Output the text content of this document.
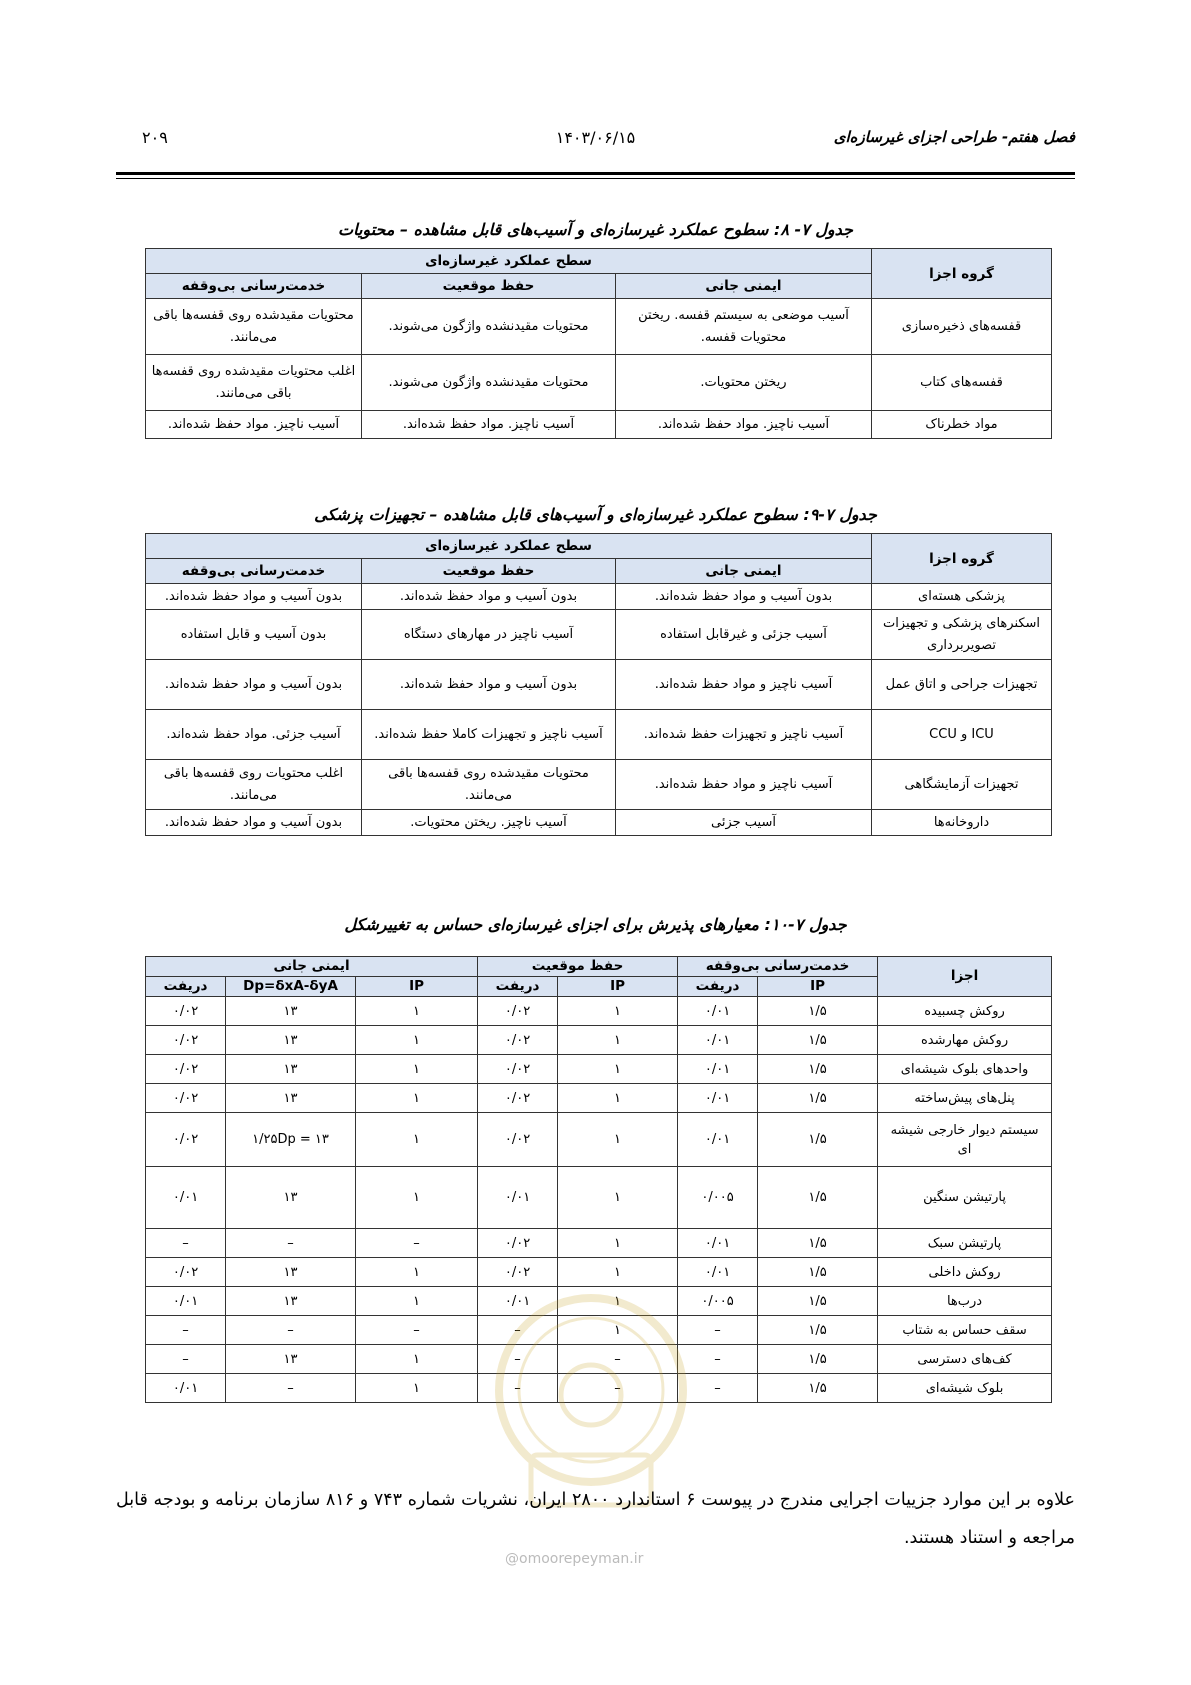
فصل هفتم- طراحی اجزای غیرسازه‌ای
۱۴۰۳/۰۶/۱۵
۲۰۹
جدول ۷- ۸: سطوح عملکرد غیرسازه‌ای و آسیب‌های قابل مشاهده – محتویات
گروه اجزا	سطح عملکرد غیرسازه‌ای		
	ایمنی جانی	حفظ موقعیت	خدمت‌رسانی بی‌وقفه
قفسه‌های ذخیره‌سازی	آسیب موضعی به سیستم قفسه. ریختن محتویات قفسه.	محتویات مقیدنشده واژگون می‌شوند.	محتویات مقیدشده روی قفسه‌ها باقی می‌مانند.
قفسه‌های کتاب	ریختن محتویات.	محتویات مقیدنشده واژگون می‌شوند.	اغلب محتویات مقیدشده روی قفسه‌ها باقی می‌مانند.
مواد خطرناک	آسیب ناچیز. مواد حفظ شده‌اند.	آسیب ناچیز. مواد حفظ شده‌اند.	آسیب ناچیز. مواد حفظ شده‌اند.
جدول ۷-۹: سطوح عملکرد غیرسازه‌ای و آسیب‌های قابل مشاهده – تجهیزات پزشکی
گروه اجزا	سطح عملکرد غیرسازه‌ای		
	ایمنی جانی	حفظ موقعیت	خدمت‌رسانی بی‌وقفه
پزشکی هسته‌ای	بدون آسیب و مواد حفظ شده‌اند.	بدون آسیب و مواد حفظ شده‌اند.	بدون آسیب و مواد حفظ شده‌اند.
اسکنرهای پزشکی و تجهیزات تصویربرداری	آسیب جزئی و غیرقابل استفاده	آسیب ناچیز در مهارهای دستگاه	بدون آسیب و قابل استفاده
تجهیزات جراحی و اتاق عمل	آسیب ناچیز و مواد حفظ شده‌اند.	بدون آسیب و مواد حفظ شده‌اند.	بدون آسیب و مواد حفظ شده‌اند.
ICU و CCU	آسیب ناچیز و تجهیزات حفظ شده‌اند.	آسیب ناچیز و تجهیزات کاملا حفظ شده‌اند.	آسیب جزئی. مواد حفظ شده‌اند.
تجهیزات آزمایشگاهی	آسیب ناچیز و مواد حفظ شده‌اند.	محتویات مقیدشده روی قفسه‌ها باقی می‌مانند.	اغلب محتویات روی قفسه‌ها باقی می‌مانند.
داروخانه‌ها	آسیب جزئی	آسیب ناچیز. ریختن محتویات.	بدون آسیب و مواد حفظ شده‌اند.
جدول ۷-۱۰: معیارهای پذیرش برای اجزای غیرسازه‌ای حساس به تغییرشکل
اجزا	خدمت‌رسانی بی‌وقفه		حفظ موقعیت		ایمنی جانی		
	IP	دریفت	IP	دریفت	IP	Dp=δxA-δyA	دریفت
روکش چسبیده	۱/۵	۰/۰۱	۱	۰/۰۲	۱	۱۳	۰/۰۲
روکش مهارشده	۱/۵	۰/۰۱	۱	۰/۰۲	۱	۱۳	۰/۰۲
واحدهای بلوک شیشه‌ای	۱/۵	۰/۰۱	۱	۰/۰۲	۱	۱۳	۰/۰۲
پنل‌های پیش‌ساخته	۱/۵	۰/۰۱	۱	۰/۰۲	۱	۱۳	۰/۰۲
سیستم دیوار خارجی شیشه ای	۱/۵	۰/۰۱	۱	۰/۰۲	۱	۱۳ = ۱/۲۵Dp	۰/۰۲
پارتیشن سنگین	۱/۵	۰/۰۰۵	۱	۰/۰۱	۱	۱۳	۰/۰۱
پارتیشن سبک	۱/۵	۰/۰۱	۱	۰/۰۲	–	–	–
روکش داخلی	۱/۵	۰/۰۱	۱	۰/۰۲	۱	۱۳	۰/۰۲
درب‌ها	۱/۵	۰/۰۰۵	۱	۰/۰۱	۱	۱۳	۰/۰۱
سقف حساس به شتاب	۱/۵	–	۱	–	–	–	–
کف‌های دسترسی	۱/۵	–	–	–	۱	۱۳	–
بلوک شیشه‌ای	۱/۵	–	–	–	۱	–	۰/۰۱
@omoorepeyman.ir

علاوه بر این موارد جزییات اجرایی مندرج در پیوست ۶ استاندارد ۲۸۰۰ ایران، نشریات شماره ۷۴۳ و ۸۱۶ سازمان برنامه و بودجه قابل مراجعه و استناد هستند.
